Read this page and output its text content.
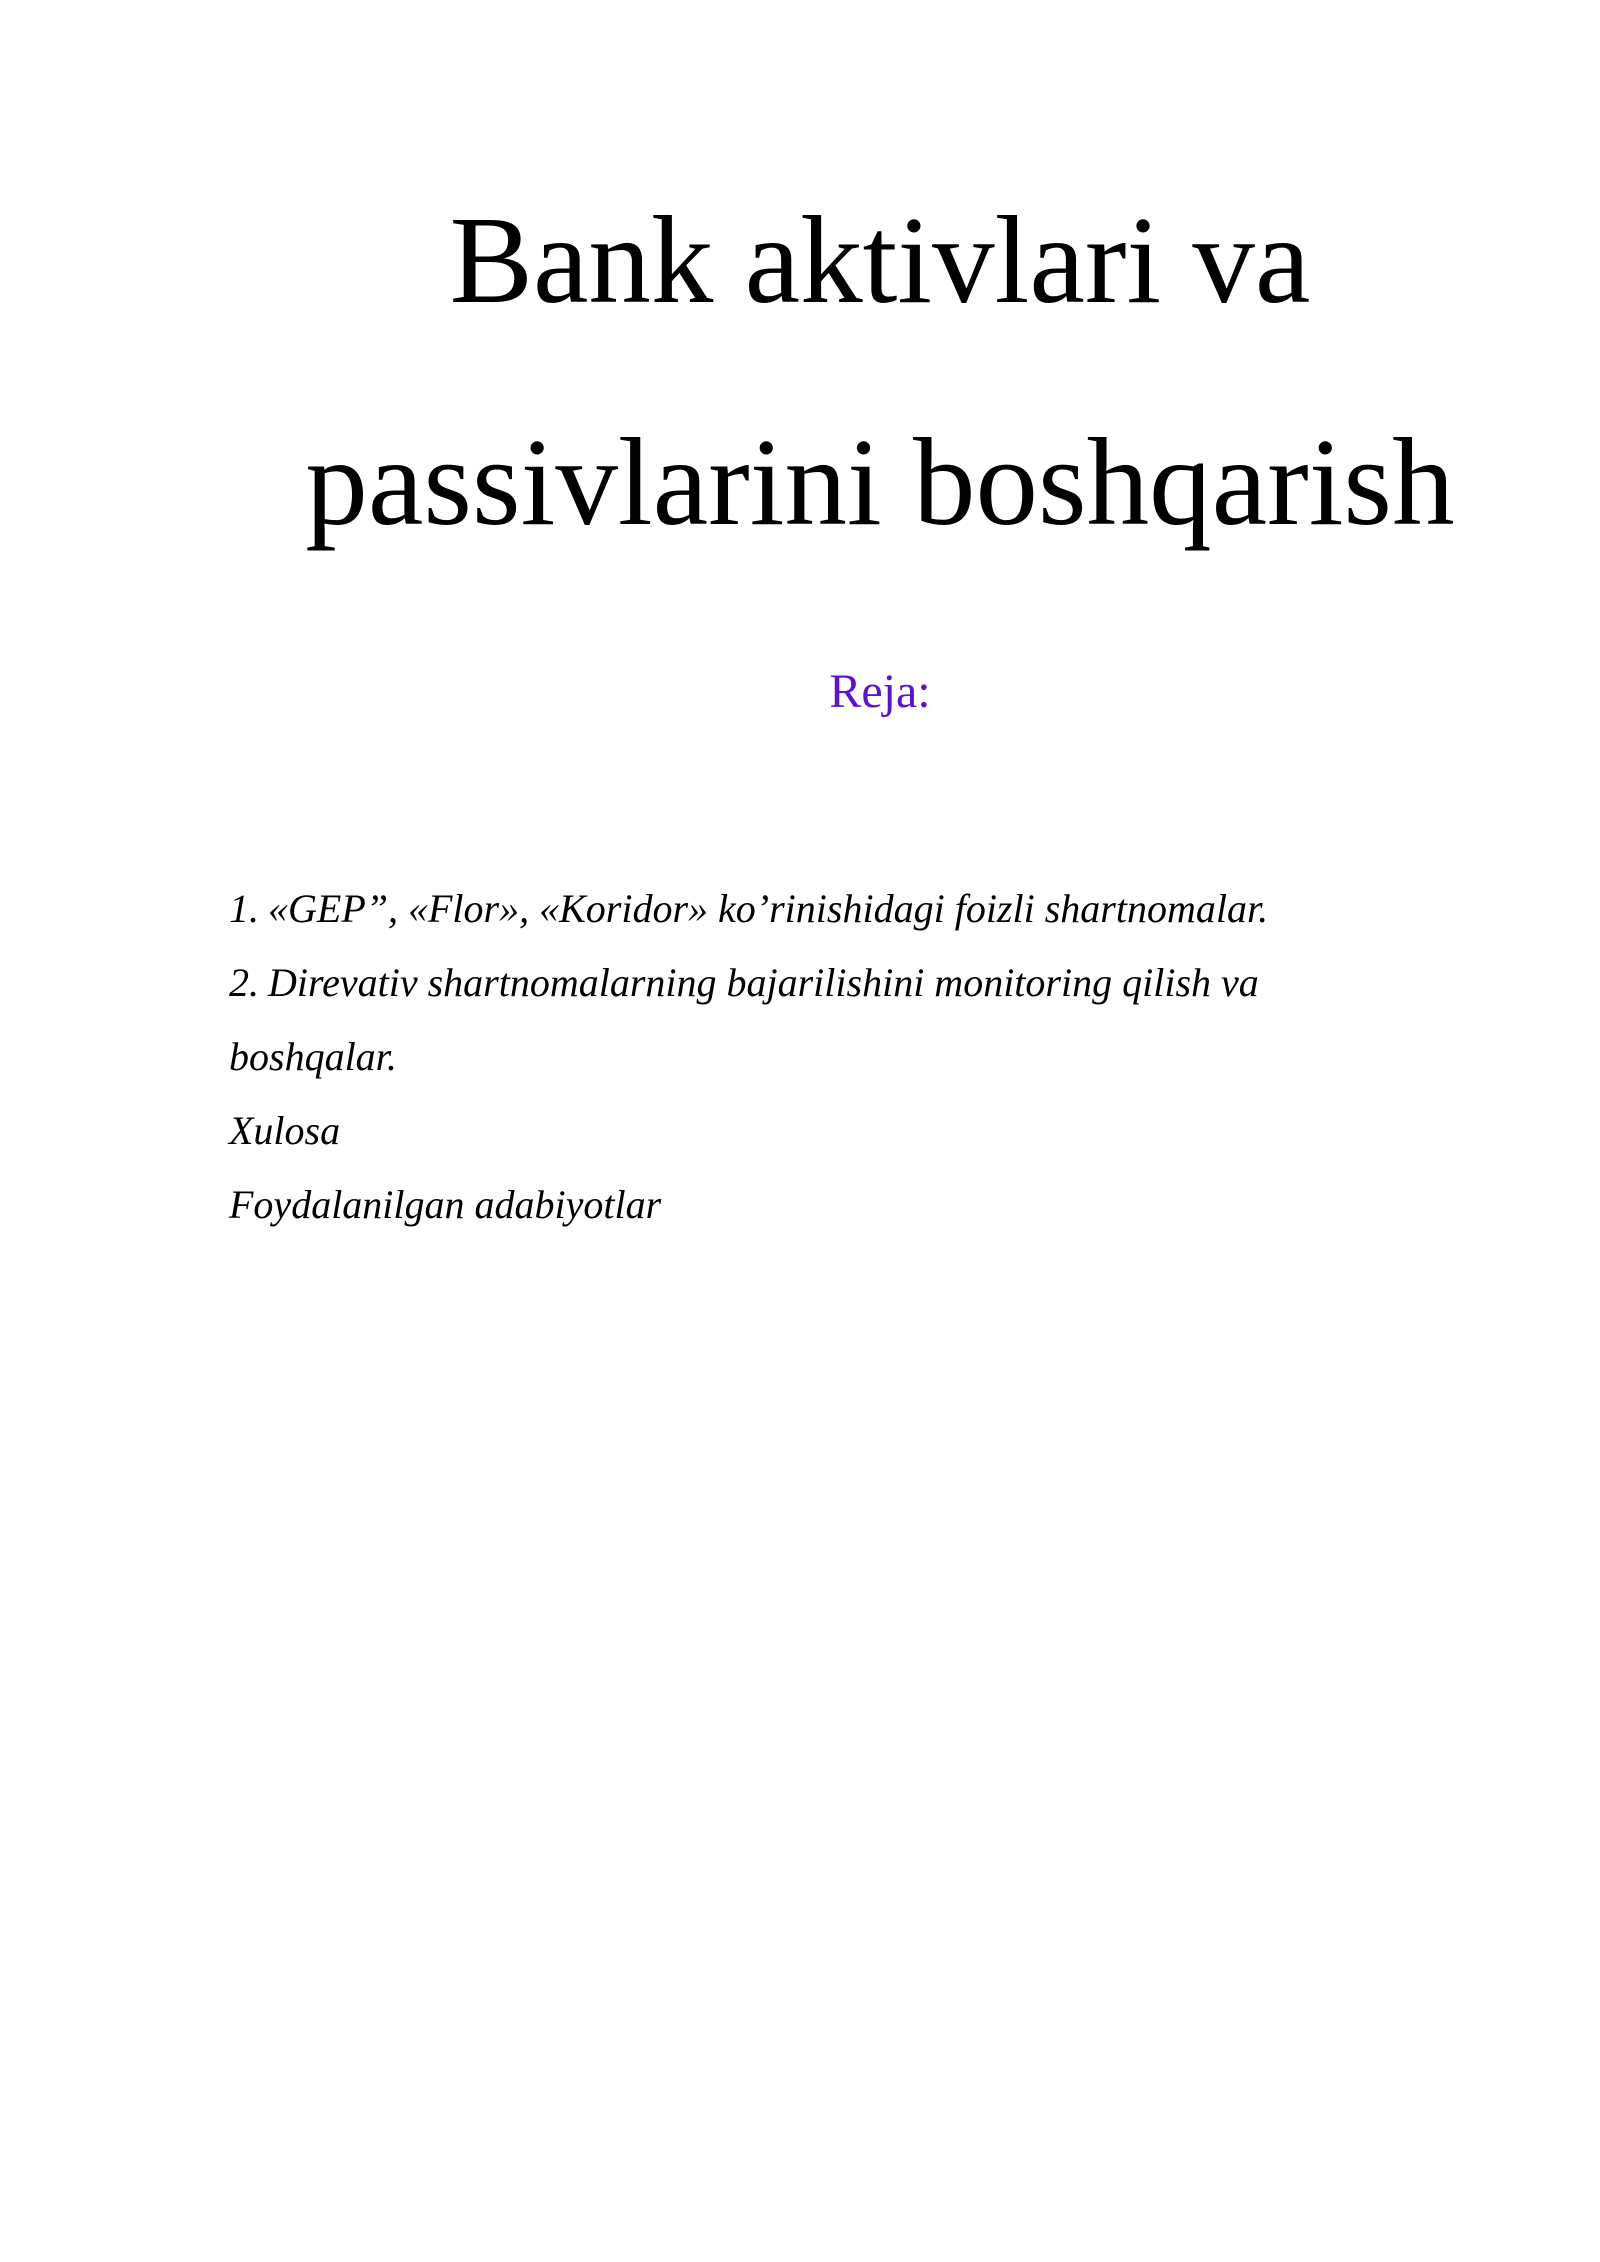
Bank aktivlari va
passivlarini boshqarish
Reja:
1. «GEP”, «Flor», «Koridor» ko’rinishidagi foizli shartnomalar.
2. Direvativ shartnomalarning bajarilishini monitoring qilish va
boshqalar.
Xulosa
Foydalanilgan adabiyotlar
